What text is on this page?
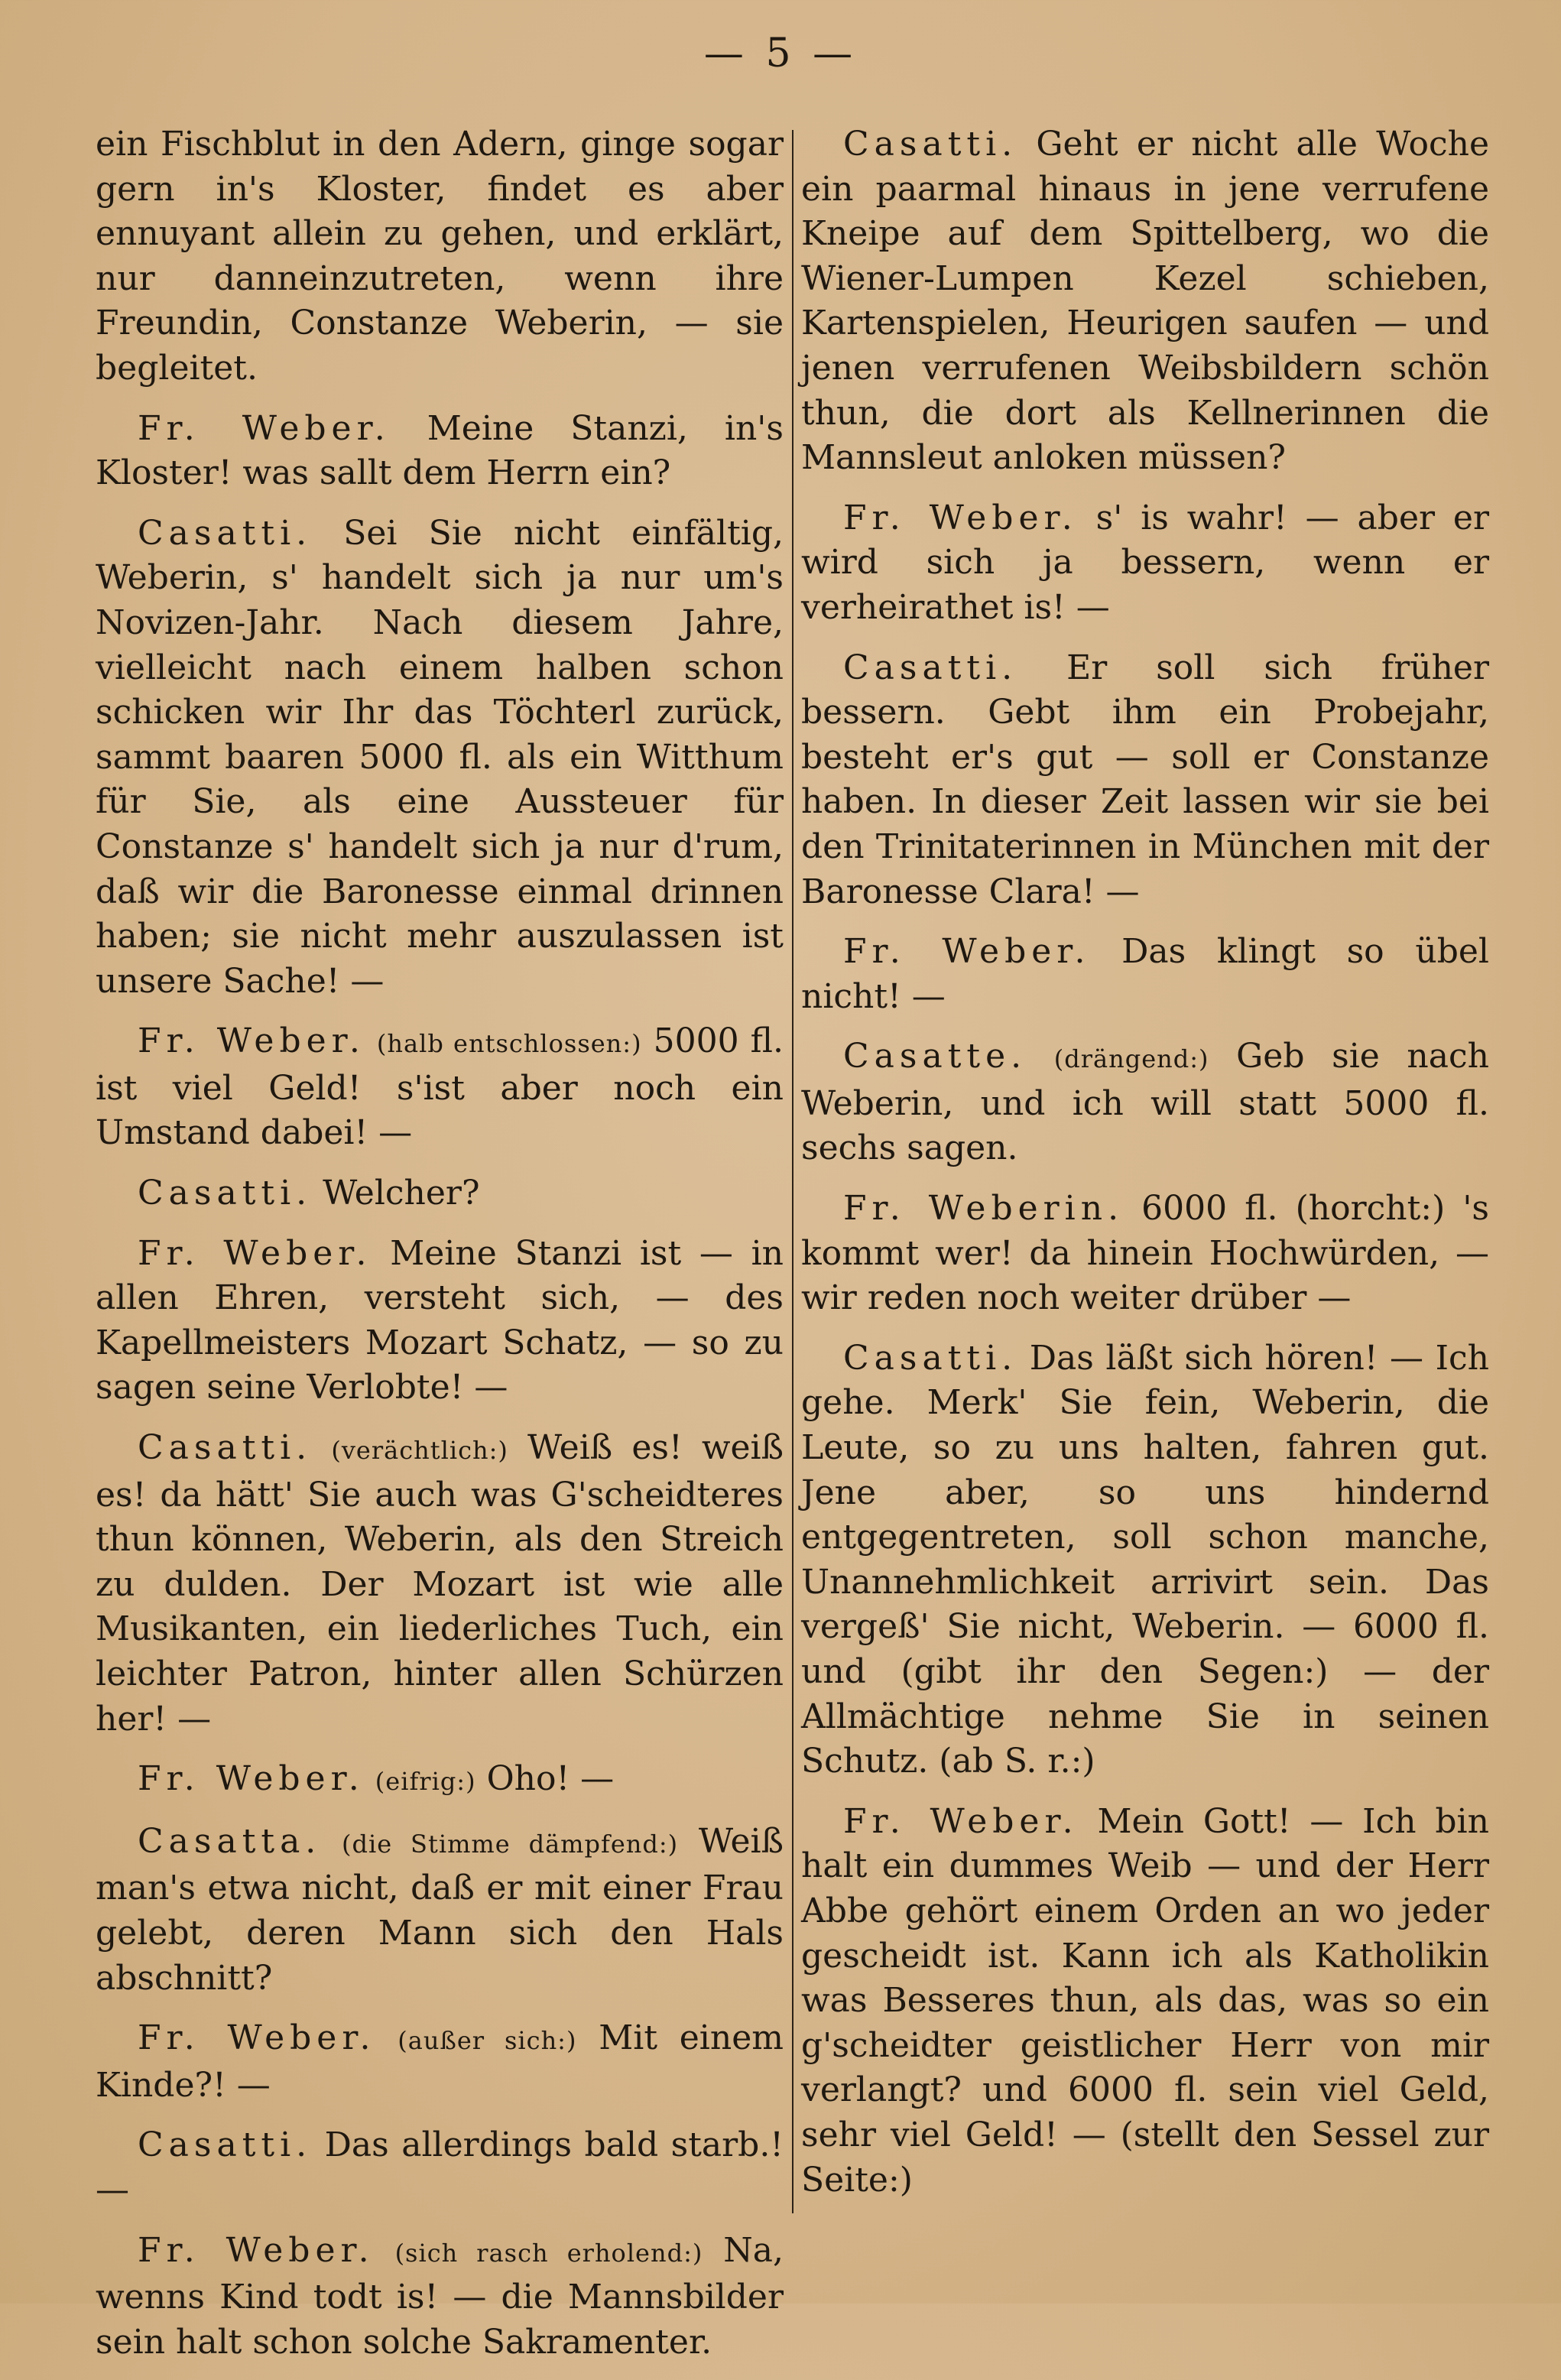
— 5 —

ein Fischblut in den Adern, ginge sogar gern in's Kloster, findet es aber ennuyant allein zu gehen, und erklärt, nur danneinzutreten, wenn ihre Freundin, Constanze Weberin, — sie begleitet.

Fr. Weber. Meine Stanzi, in's Kloster! was sallt dem Herrn ein?

Casatti. Sei Sie nicht einfältig, Weberin, s' handelt sich ja nur um's Novizen-Jahr. Nach diesem Jahre, vielleicht nach einem halben schon schicken wir Ihr das Töchterl zurück, sammt baaren 5000 fl. als ein Witthum für Sie, als eine Aussteuer für Constanze s' handelt sich ja nur d'rum, daß wir die Baronesse einmal drinnen haben; sie nicht mehr auszulassen ist unsere Sache! —

Fr. Weber. (halb entschlossen:) 5000 fl. ist viel Geld! s'ist aber noch ein Umstand dabei! —

Casatti. Welcher?

Fr. Weber. Meine Stanzi ist — in allen Ehren, versteht sich, — des Kapellmeisters Mozart Schatz, — so zu sagen seine Verlobte! —

Casatti. (verächtlich:) Weiß es! weiß es! da hätt' Sie auch was G'scheidteres thun können, Weberin, als den Streich zu dulden. Der Mozart ist wie alle Musikanten, ein liederliches Tuch, ein leichter Patron, hinter allen Schürzen her! —

Fr. Weber. (eifrig:) Oho! —

Casatta. (die Stimme dämpfend:) Weiß man's etwa nicht, daß er mit einer Frau gelebt, deren Mann sich den Hals abschnitt?

Fr. Weber. (außer sich:) Mit einem Kinde?! —

Casatti. Das allerdings bald starb.! —

Fr. Weber. (sich rasch erholend:) Na, wenns Kind todt is! — die Mannsbilder sein halt schon solche Sakramenter.

Casatti. Geht er nicht alle Woche ein paarmal hinaus in jene verrufene Kneipe auf dem Spittelberg, wo die Wiener-Lumpen Kezel schieben, Kartenspielen, Heurigen saufen — und jenen verrufenen Weibsbildern schön thun, die dort als Kellnerinnen die Mannsleut anloken müssen?

Fr. Weber. s' is wahr! — aber er wird sich ja bessern, wenn er verheirathet is! —

Casatti. Er soll sich früher bessern. Gebt ihm ein Probejahr, besteht er's gut — soll er Constanze haben. In dieser Zeit lassen wir sie bei den Trinitaterinnen in München mit der Baronesse Clara! —

Fr. Weber. Das klingt so übel nicht! —

Casatte. (drängend:) Geb sie nach Weberin, und ich will statt 5000 fl. sechs sagen.

Fr. Weberin. 6000 fl. (horcht:) 's kommt wer! da hinein Hochwürden, — wir reden noch weiter drüber —

Casatti. Das läßt sich hören! — Ich gehe. Merk' Sie fein, Weberin, die Leute, so zu uns halten, fahren gut. Jene aber, so uns hindernd entgegentreten, soll schon manche, Unannehmlichkeit arrivirt sein. Das vergeß' Sie nicht, Weberin. — 6000 fl. und (gibt ihr den Segen:) — der Allmächtige nehme Sie in seinen Schutz. (ab S. r.:)

Fr. Weber. Mein Gott! — Ich bin halt ein dummes Weib — und der Herr Abbe gehört einem Orden an wo jeder gescheidt ist. Kann ich als Katholikin was Besseres thun, als das, was so ein g'scheidter geistlicher Herr von mir verlangt? und 6000 fl. sein viel Geld, sehr viel Geld! — (stellt den Sessel zur Seite:)
